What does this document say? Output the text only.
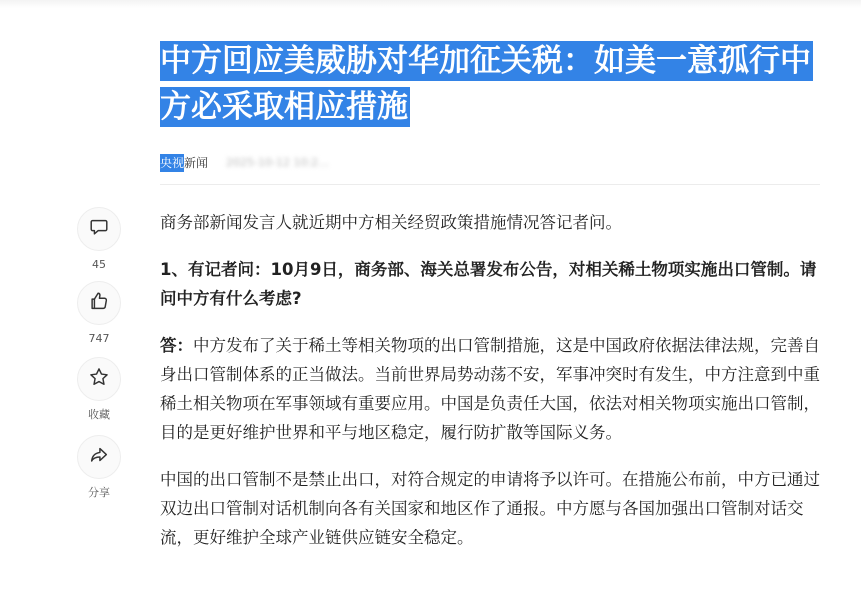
中方回应美威胁对华加征关税：如美一意孤行中方必采取相应措施
央视 新闻 2025-10-12 10:2…
45
747
收藏
分享

商务部新闻发言人就近期中方相关经贸政策措施情况答记者问。

1、有记者问：10月9日，商务部、海关总署发布公告，对相关稀土物项实施出口管制。请问中方有什么考虑?

答：中方发布了关于稀土等相关物项的出口管制措施，这是中国政府依据法律法规，完善自身出口管制体系的正当做法。当前世界局势动荡不安，军事冲突时有发生，中方注意到中重稀土相关物项在军事领域有重要应用。中国是负责任大国，依法对相关物项实施出口管制，目的是更好维护世界和平与地区稳定，履行防扩散等国际义务。

中国的出口管制不是禁止出口，对符合规定的申请将予以许可。在措施公布前，中方已通过双边出口管制对话机制向各有关国家和地区作了通报。中方愿与各国加强出口管制对话交流，更好维护全球产业链供应链安全稳定。
